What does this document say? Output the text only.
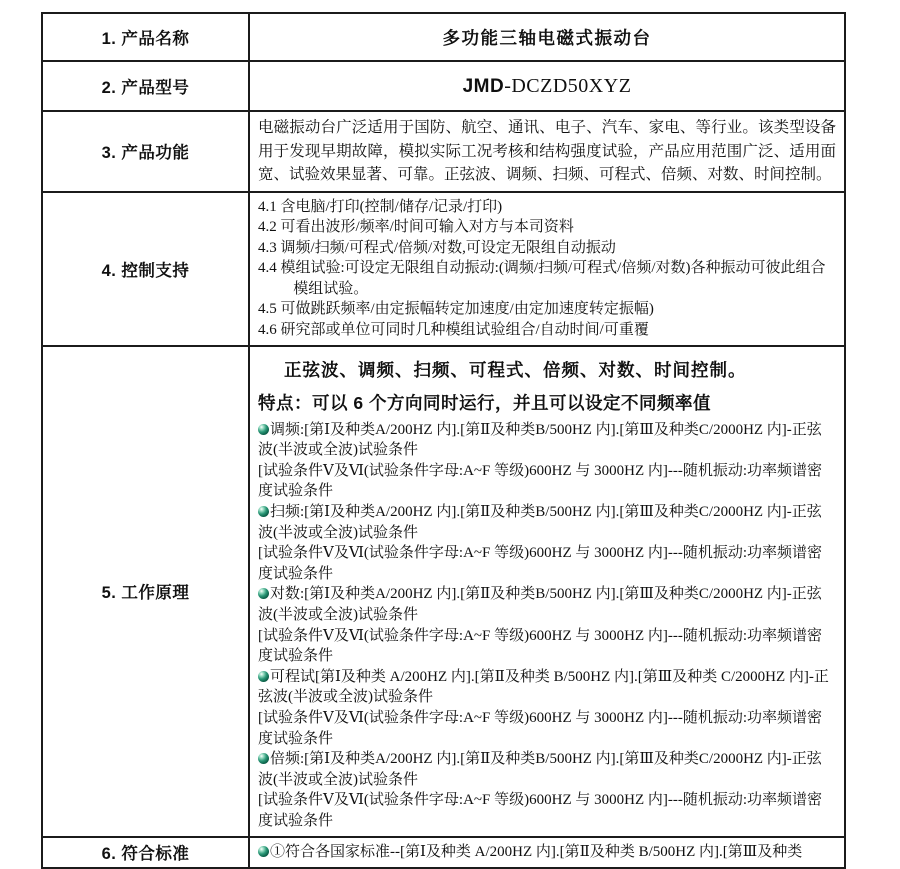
1. 产品名称	多功能三轴电磁式振动台

2. 产品型号	JMD-DCZD50XYZ

3. 产品功能	电磁振动台广泛适用于国防、航空、通讯、电子、汽车、家电、等行业。该类型设备用于发现早期故障，模拟实际工况考核和结构强度试验，产品应用范围广泛、适用面宽、试验效果显著、可靠。正弦波、调频、扫频、可程式、倍频、对数、时间控制。

4. 控制支持	
4.1 含电脑/打印(控制/储存/记录/打印)
4.2 可看出波形/频率/时间可输入对方与本司资料
4.3 调频/扫频/可程式/倍频/对数,可设定无限组自动振动
4.4 模组试验:可设定无限组自动振动:(调频/扫频/可程式/倍频/对数)各种振动可彼此组合模组试验。
4.5 可做跳跃频率/由定振幅转定加速度/由定加速度转定振幅)
4.6 研究部或单位可同时几种模组试验组合/自动时间/可重覆

5. 工作原理	
正弦波、调频、扫频、可程式、倍频、对数、时间控制。
特点：可以 6 个方向同时运行，并且可以设定不同频率值
调频:[第Ⅰ及种类A/200HZ 内].[第Ⅱ及种类B/500HZ 内].[第Ⅲ及种类C/2000HZ 内]-正弦波(半波或全波)试验条件
[试验条件Ⅴ及Ⅵ(试验条件字母:A~F 等级)600HZ 与 3000HZ 内]---随机振动:功率频谱密度试验条件
扫频:[第Ⅰ及种类A/200HZ 内].[第Ⅱ及种类B/500HZ 内].[第Ⅲ及种类C/2000HZ 内]-正弦波(半波或全波)试验条件
[试验条件Ⅴ及Ⅵ(试验条件字母:A~F 等级)600HZ 与 3000HZ 内]---随机振动:功率频谱密度试验条件
对数:[第Ⅰ及种类A/200HZ 内].[第Ⅱ及种类B/500HZ 内].[第Ⅲ及种类C/2000HZ 内]-正弦波(半波或全波)试验条件
[试验条件Ⅴ及Ⅵ(试验条件字母:A~F 等级)600HZ 与 3000HZ 内]---随机振动:功率频谱密度试验条件
可程试[第Ⅰ及种类 A/200HZ 内].[第Ⅱ及种类 B/500HZ 内].[第Ⅲ及种类 C/2000HZ 内]-正弦波(半波或全波)试验条件
[试验条件Ⅴ及Ⅵ(试验条件字母:A~F 等级)600HZ 与 3000HZ 内]---随机振动:功率频谱密度试验条件
倍频:[第Ⅰ及种类A/200HZ 内].[第Ⅱ及种类B/500HZ 内].[第Ⅲ及种类C/2000HZ 内]-正弦波(半波或全波)试验条件
[试验条件Ⅴ及Ⅵ(试验条件字母:A~F 等级)600HZ 与 3000HZ 内]---随机振动:功率频谱密度试验条件

6. 符合标准	①符合各国家标准--[第Ⅰ及种类 A/200HZ 内].[第Ⅱ及种类 B/500HZ 内].[第Ⅲ及种类
